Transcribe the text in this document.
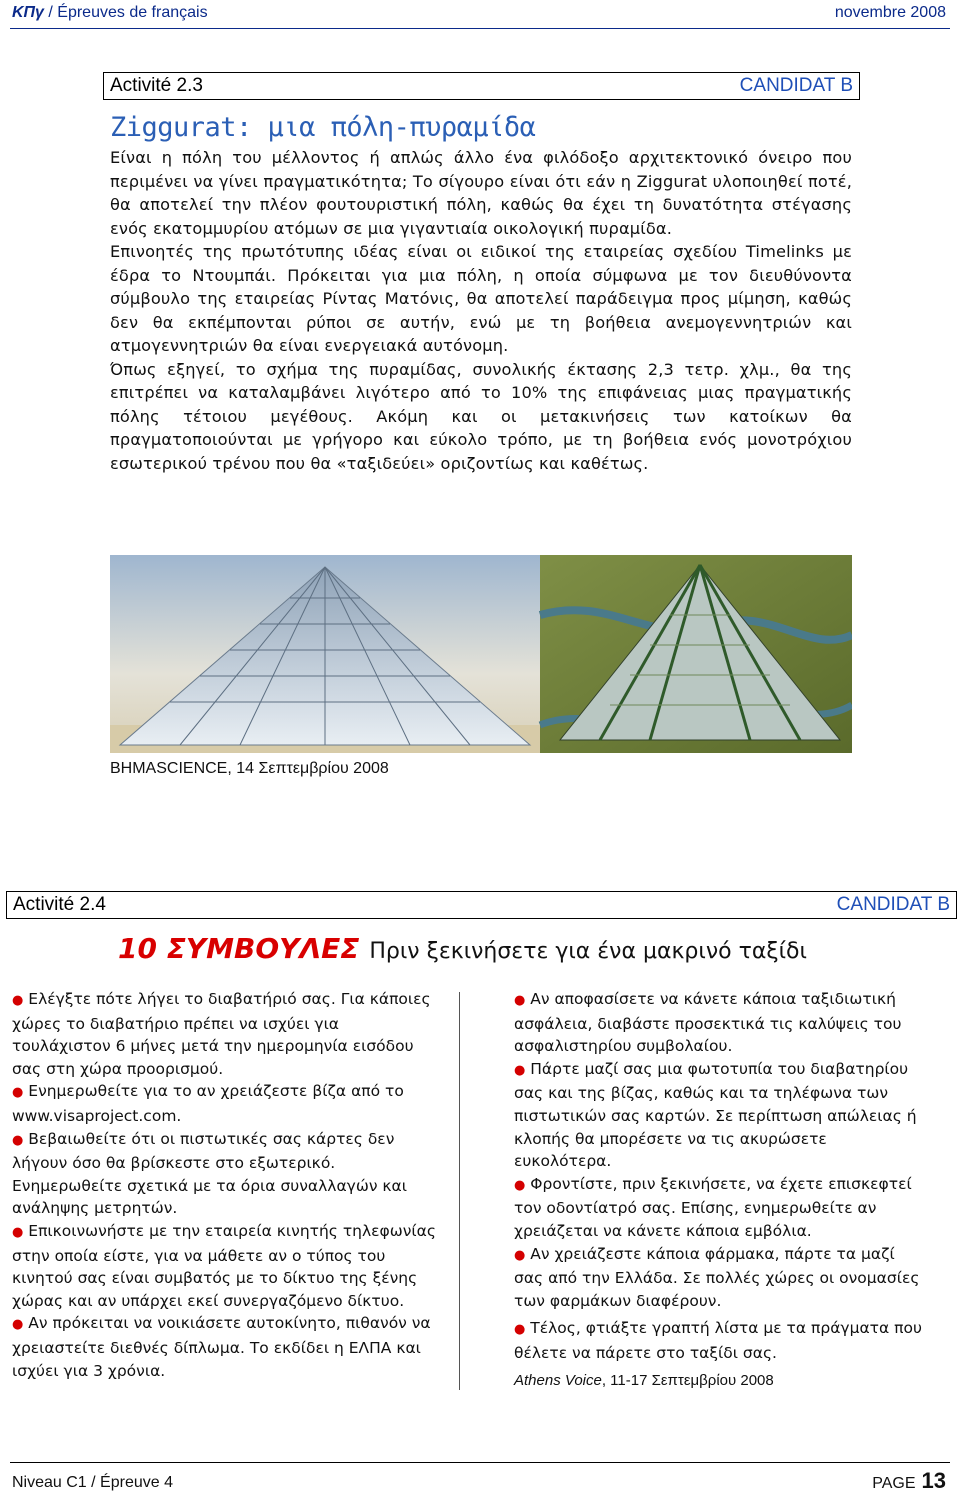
ΚΠγ / Épreuves de français	novembre 2008
Activité 2.3	CANDIDAT B
Ziggurat: μια πόλη-πυραμίδα

Είναι η πόλη του μέλλοντος ή απλώς άλλο ένα φιλόδοξο αρχιτεκτονικό όνειρο που περιμένει να γίνει πραγματικότητα; Το σίγουρο είναι ότι εάν η Ziggurat υλοποιηθεί ποτέ, θα αποτελεί την πλέον φουτουριστική πόλη, καθώς θα έχει τη δυνατότητα στέγασης ενός εκατομμυρίου ατόμων σε μια γιγαντιαία οικολογική πυραμίδα.

Επινοητές της πρωτότυπης ιδέας είναι οι ειδικοί της εταιρείας σχεδίου Timelinks με έδρα το Ντουμπάι. Πρόκειται για μια πόλη, η οποία σύμφωνα με τον διευθύνοντα σύμβουλο της εταιρείας Ρίντας Ματόνις, θα αποτελεί παράδειγμα προς μίμηση, καθώς δεν θα εκπέμπονται ρύποι σε αυτήν, ενώ με τη βοήθεια ανεμογεννητριών και ατμογεννητριών θα είναι ενεργειακά αυτόνομη.

Όπως εξηγεί, το σχήμα της πυραμίδας, συνολικής έκτασης 2,3 τετρ. χλμ., θα της επιτρέπει να καταλαμβάνει λιγότερο από το 10% της επιφάνειας μιας πραγματικής πόλης τέτοιου μεγέθους. Ακόμη και οι μετακινήσεις των κατοίκων θα πραγματοποιούνται με γρήγορο και εύκολο τρόπο, με τη βοήθεια ενός μονοτρόχιου εσωτερικού τρένου που θα «ταξιδεύει» οριζοντίως και καθέτως.

BHMASCIENCE, 14 Σεπτεμβρίου 2008
Activité 2.4	CANDIDAT B
10 ΣΥΜΒΟΥΛΕΣ Πριν ξεκινήσετε για ένα μακρινό ταξίδι

● Ελέγξτε πότε λήγει το διαβατήριό σας. Για κάποιες χώρες το διαβατήριο πρέπει να ισχύει για τουλάχιστον 6 μήνες μετά την ημερομηνία εισόδου σας στη χώρα προορισμού.

● Ενημερωθείτε για το αν χρειάζεστε βίζα από το www.visaproject.com.

● Βεβαιωθείτε ότι οι πιστωτικές σας κάρτες δεν λήγουν όσο θα βρίσκεστε στο εξωτερικό. Ενημερωθείτε σχετικά με τα όρια συναλλαγών και ανάληψης μετρητών.

● Επικοινωνήστε με την εταιρεία κινητής τηλεφωνίας στην οποία είστε, για να μάθετε αν ο τύπος του κινητού σας είναι συμβατός με το δίκτυο της ξένης χώρας και αν υπάρχει εκεί συνεργαζόμενο δίκτυο.

● Αν πρόκειται να νοικιάσετε αυτοκίνητο, πιθανόν να χρειαστείτε διεθνές δίπλωμα. Το εκδίδει η ΕΛΠΑ και ισχύει για 3 χρόνια.

● Αν αποφασίσετε να κάνετε κάποια ταξιδιωτική ασφάλεια, διαβάστε προσεκτικά τις καλύψεις του ασφαλιστηρίου συμβολαίου.

● Πάρτε μαζί σας μια φωτοτυπία του διαβατηρίου σας και της βίζας, καθώς και τα τηλέφωνα των πιστωτικών σας καρτών. Σε περίπτωση απώλειας ή κλοπής θα μπορέσετε να τις ακυρώσετε ευκολότερα.

● Φροντίστε, πριν ξεκινήσετε, να έχετε επισκεφτεί τον οδοντίατρό σας. Επίσης, ενημερωθείτε αν χρειάζεται να κάνετε κάποια εμβόλια.

● Αν χρειάζεστε κάποια φάρμακα, πάρτε τα μαζί σας από την Ελλάδα. Σε πολλές χώρες οι ονομασίες των φαρμάκων διαφέρουν.

● Τέλος, φτιάξτε γραπτή λίστα με τα πράγματα που θέλετε να πάρετε στο ταξίδι σας.

Athens Voice, 11-17 Σεπτεμβρίου 2008
Niveau C1 / Épreuve 4	PAGE 13
